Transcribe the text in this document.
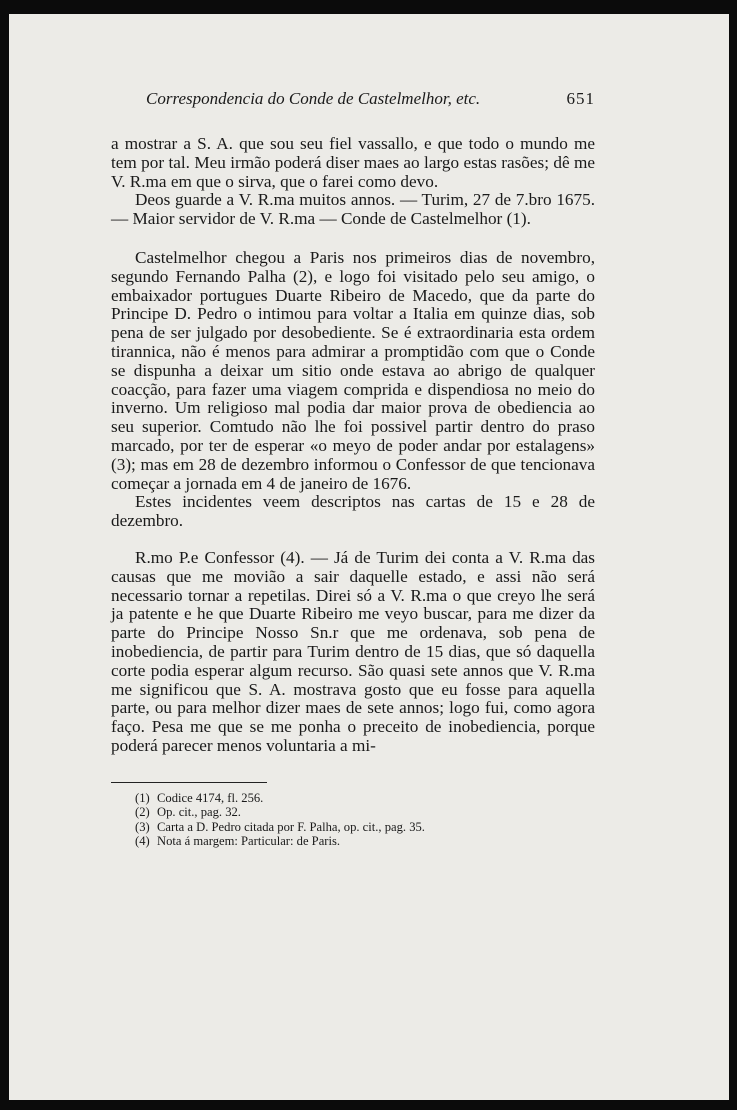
Correspondencia do Conde de Castelmelhor, etc.	651

a mostrar a S. A. que sou seu fiel vassallo, e que todo o mundo me tem por tal. Meu irmão poderá diser maes ao largo estas rasões; dê me V. R.ma em que o sirva, que o farei como devo.

Deos guarde a V. R.ma muitos annos. — Turim, 27 de 7.bro 1675. — Maior servidor de V. R.ma — Conde de Castelmelhor (1).

Castelmelhor chegou a Paris nos primeiros dias de novembro, segundo Fernando Palha (2), e logo foi visitado pelo seu amigo, o embaixador portugues Duarte Ribeiro de Macedo, que da parte do Principe D. Pedro o intimou para voltar a Italia em quinze dias, sob pena de ser julgado por desobediente. Se é extraordinaria esta ordem tirannica, não é menos para admirar a promptidão com que o Conde se dispunha a deixar um sitio onde estava ao abrigo de qualquer coacção, para fazer uma viagem comprida e dispendiosa no meio do inverno. Um religioso mal podia dar maior prova de obediencia ao seu superior. Comtudo não lhe foi possivel partir dentro do praso marcado, por ter de esperar «o meyo de poder andar por estalagens» (3); mas em 28 de dezembro informou o Confessor de que tencionava começar a jornada em 4 de janeiro de 1676.

Estes incidentes veem descriptos nas cartas de 15 e 28 de dezembro.

R.mo P.e Confessor (4). — Já de Turim dei conta a V. R.ma das causas que me movião a sair daquelle estado, e assi não será necessario tornar a repetilas. Direi só a V. R.ma o que creyo lhe será ja patente e he que Duarte Ribeiro me veyo buscar, para me dizer da parte do Principe Nosso Sn.r que me ordenava, sob pena de inobediencia, de partir para Turim dentro de 15 dias, que só daquella corte podia esperar algum recurso. São quasi sete annos que V. R.ma me significou que S. A. mostrava gosto que eu fosse para aquella parte, ou para melhor dizer maes de sete annos; logo fui, como agora faço. Pesa me que se me ponha o preceito de inobediencia, porque poderá parecer menos voluntaria a mi-

(1) Codice 4174, fl. 256.
(2) Op. cit., pag. 32.
(3) Carta a D. Pedro citada por F. Palha, op. cit., pag. 35.
(4) Nota á margem: Particular: de Paris.
